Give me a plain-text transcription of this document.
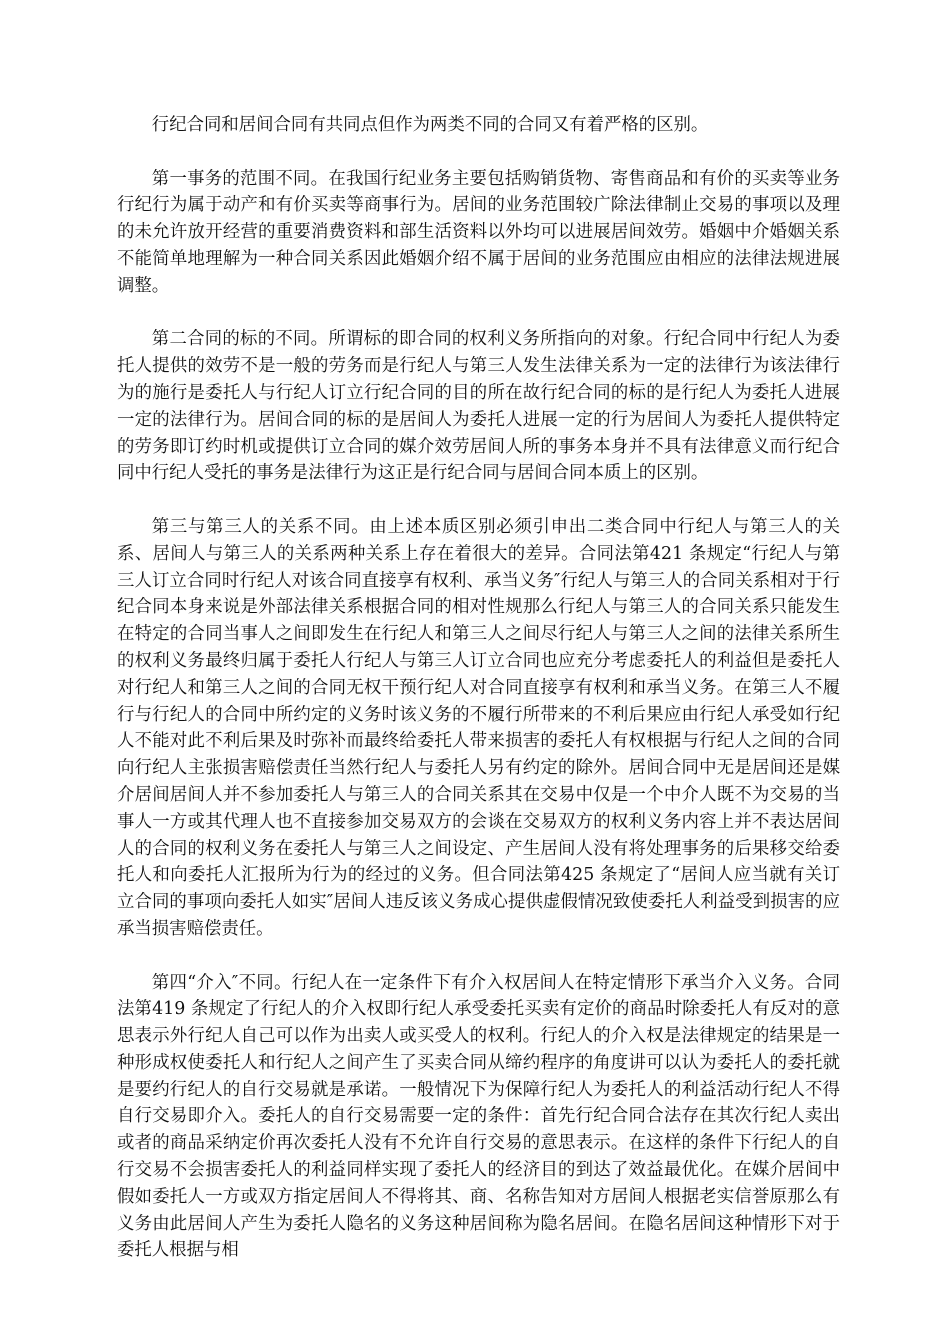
行纪合同和居间合同有共同点但作为两类不同的合同又有着严格的区别。

第一事务的范围不同。在我国行纪业务主要包括购销货物、寄售商品和有价的买卖等业务行纪行为属于动产和有价买卖等商事行为。居间的业务范围较广除法律制止交易的事项以及理的未允许放开经营的重要消费资料和部生活资料以外均可以进展居间效劳。婚姻中介婚姻关系不能简单地理解为一种合同关系因此婚姻介绍不属于居间的业务范围应由相应的法律法规进展调整。

第二合同的标的不同。所谓标的即合同的权利义务所指向的对象。行纪合同中行纪人为委托人提供的效劳不是一般的劳务而是行纪人与第三人发生法律关系为一定的法律行为该法律行为的施行是委托人与行纪人订立行纪合同的目的所在故行纪合同的标的是行纪人为委托人进展一定的法律行为。居间合同的标的是居间人为委托人进展一定的行为居间人为委托人提供特定的劳务即订约时机或提供订立合同的媒介效劳居间人所的事务本身并不具有法律意义而行纪合同中行纪人受托的事务是法律行为这正是行纪合同与居间合同本质上的区别。

第三与第三人的关系不同。由上述本质区别必须引申出二类合同中行纪人与第三人的关系、居间人与第三人的关系两种关系上存在着很大的差异。合同法第421 条规定“行纪人与第三人订立合同时行纪人对该合同直接享有权利、承当义务″行纪人与第三人的合同关系相对于行纪合同本身来说是外部法律关系根据合同的相对性规那么行纪人与第三人的合同关系只能发生在特定的合同当事人之间即发生在行纪人和第三人之间尽行纪人与第三人之间的法律关系所生的权利义务最终归属于委托人行纪人与第三人订立合同也应充分考虑委托人的利益但是委托人对行纪人和第三人之间的合同无权干预行纪人对合同直接享有权利和承当义务。在第三人不履行与行纪人的合同中所约定的义务时该义务的不履行所带来的不利后果应由行纪人承受如行纪人不能对此不利后果及时弥补而最终给委托人带来损害的委托人有权根据与行纪人之间的合同向行纪人主张损害赔偿责任当然行纪人与委托人另有约定的除外。居间合同中无是居间还是媒介居间居间人并不参加委托人与第三人的合同关系其在交易中仅是一个中介人既不为交易的当事人一方或其代理人也不直接参加交易双方的会谈在交易双方的权利义务内容上并不表达居间人的合同的权利义务在委托人与第三人之间设定、产生居间人没有将处理事务的后果移交给委托人和向委托人汇报所为行为的经过的义务。但合同法第425 条规定了“居间人应当就有关订立合同的事项向委托人如实″居间人违反该义务成心提供虚假情况致使委托人利益受到损害的应承当损害赔偿责任。

第四“介入″不同。行纪人在一定条件下有介入权居间人在特定情形下承当介入义务。合同法第419 条规定了行纪人的介入权即行纪人承受委托买卖有定价的商品时除委托人有反对的意思表示外行纪人自己可以作为出卖人或买受人的权利。行纪人的介入权是法律规定的结果是一种形成权使委托人和行纪人之间产生了买卖合同从缔约程序的角度讲可以认为委托人的委托就是要约行纪人的自行交易就是承诺。一般情况下为保障行纪人为委托人的利益活动行纪人不得自行交易即介入。委托人的自行交易需要一定的条件：首先行纪合同合法存在其次行纪人卖出或者的商品采纳定价再次委托人没有不允许自行交易的意思表示。在这样的条件下行纪人的自行交易不会损害委托人的利益同样实现了委托人的经济目的到达了效益最优化。在媒介居间中假如委托人一方或双方指定居间人不得将其、商、名称告知对方居间人根据老实信誉原那么有义务由此居间人产生为委托人隐名的义务这种居间称为隐名居间。在隐名居间这种情形下对于委托人根据与相
